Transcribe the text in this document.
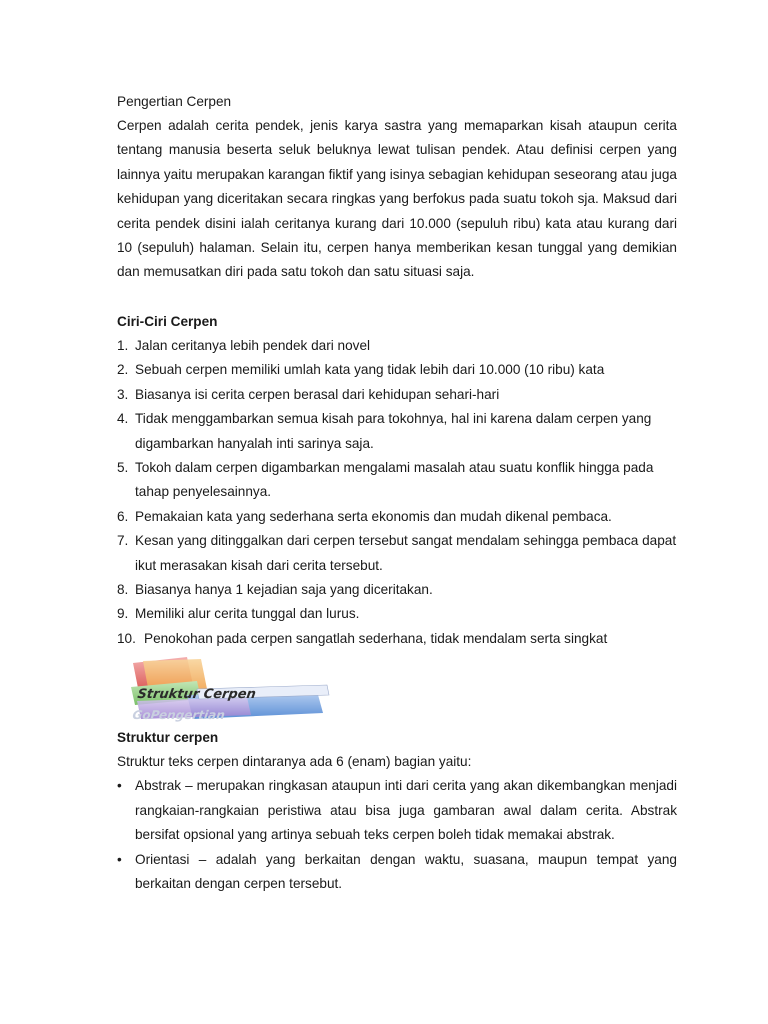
Pengertian Cerpen
Cerpen adalah cerita pendek, jenis karya sastra yang memaparkan kisah ataupun cerita tentang manusia beserta seluk beluknya lewat tulisan pendek. Atau definisi cerpen yang lainnya yaitu merupakan karangan fiktif yang isinya sebagian kehidupan seseorang atau juga kehidupan yang diceritakan secara ringkas yang berfokus pada suatu tokoh sja. Maksud dari cerita pendek disini ialah ceritanya kurang dari 10.000 (sepuluh ribu) kata atau kurang dari 10 (sepuluh) halaman. Selain itu, cerpen hanya memberikan kesan tunggal yang demikian dan memusatkan diri pada satu tokoh dan satu situasi saja.
Ciri-Ciri Cerpen
1. Jalan ceritanya lebih pendek dari novel
2. Sebuah cerpen memiliki umlah kata yang tidak lebih dari 10.000 (10 ribu) kata
3. Biasanya isi cerita cerpen berasal dari kehidupan sehari-hari
4. Tidak menggambarkan semua kisah para tokohnya, hal ini karena dalam cerpen yang digambarkan hanyalah inti sarinya saja.
5. Tokoh dalam cerpen digambarkan mengalami masalah atau suatu konflik hingga pada tahap penyelesainnya.
6. Pemakaian kata yang sederhana serta ekonomis dan mudah dikenal pembaca.
7. Kesan yang ditinggalkan dari cerpen tersebut sangat mendalam sehingga pembaca dapat ikut merasakan kisah dari cerita tersebut.
8. Biasanya hanya 1 kejadian saja yang diceritakan.
9. Memiliki alur cerita tunggal dan lurus.
10. Penokohan pada cerpen sangatlah sederhana, tidak mendalam serta singkat
Struktur Cerpen
GoPengertian
Struktur cerpen
Struktur teks cerpen dintaranya ada 6 (enam) bagian yaitu:
• Abstrak – merupakan ringkasan ataupun inti dari cerita yang akan dikembangkan menjadi rangkaian-rangkaian peristiwa atau bisa juga gambaran awal dalam cerita. Abstrak bersifat opsional yang artinya sebuah teks cerpen boleh tidak memakai abstrak.
• Orientasi – adalah yang berkaitan dengan waktu, suasana, maupun tempat yang berkaitan dengan cerpen tersebut.
